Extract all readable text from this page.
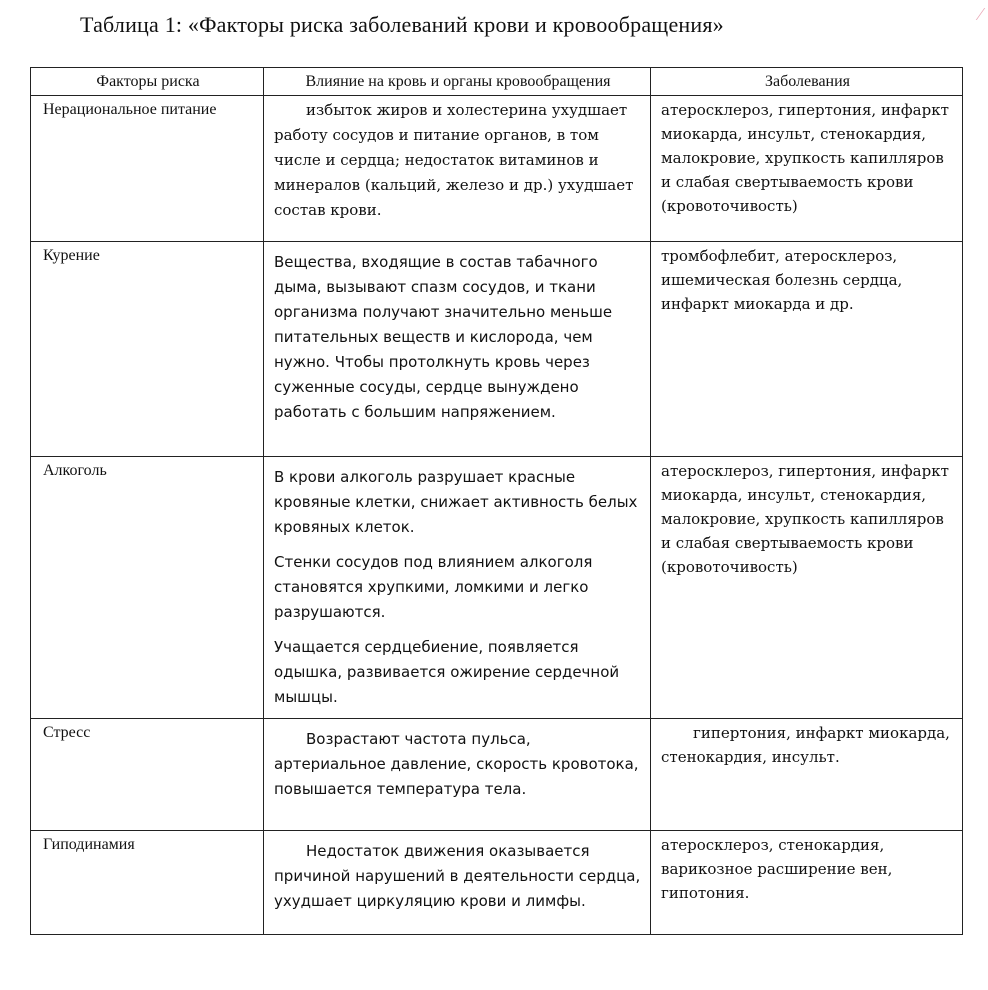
Таблица 1: «Факторы риска заболеваний крови и кровообращения»	⁄
Факторы риска	Влияние на кровь и органы кровообращения	Заболевания
Нерациональное питание	избыток жиров и холестерина ухудшает работу сосудов и питание органов, в том числе и сердца; недостаток витаминов и минералов (кальций, железо и др.) ухудшает состав крови.	атеросклероз, гипертония, инфаркт миокарда, инсульт, стенокардия, малокровие, хрупкость капилляров и слабая свертываемость крови (кровоточивость)
Курение	Вещества, входящие в состав табачного дыма, вызывают спазм сосудов, и ткани организма получают значительно меньше питательных веществ и кислорода, чем нужно. Чтобы протолкнуть кровь через суженные сосуды, сердце вынуждено работать с большим напряжением.	тромбофлебит, атеросклероз, ишемическая болезнь сердца, инфаркт миокарда и др.
Алкоголь	В крови алкоголь разрушает красные кровяные клетки, снижает активность белых кровяных клеток.

Стенки сосудов под влиянием алкоголя становятся хрупкими, ломкими и легко разрушаются.

Учащается сердцебиение, появляется одышка, развивается ожирение сердечной мышцы.	атеросклероз, гипертония, инфаркт миокарда, инсульт, стенокардия, малокровие, хрупкость капилляров и слабая свертываемость крови (кровоточивость)
Стресс	Возрастают частота пульса, артериальное давление, скорость кровотока, повышается температура тела.	гипертония, инфаркт миокарда, стенокардия, инсульт.

Гиподинамия	Недостаток движения оказывается причиной нарушений в деятельности сердца, ухудшает циркуляцию крови и лимфы.	атеросклероз, стенокардия, варикозное расширение вен, гипотония.
